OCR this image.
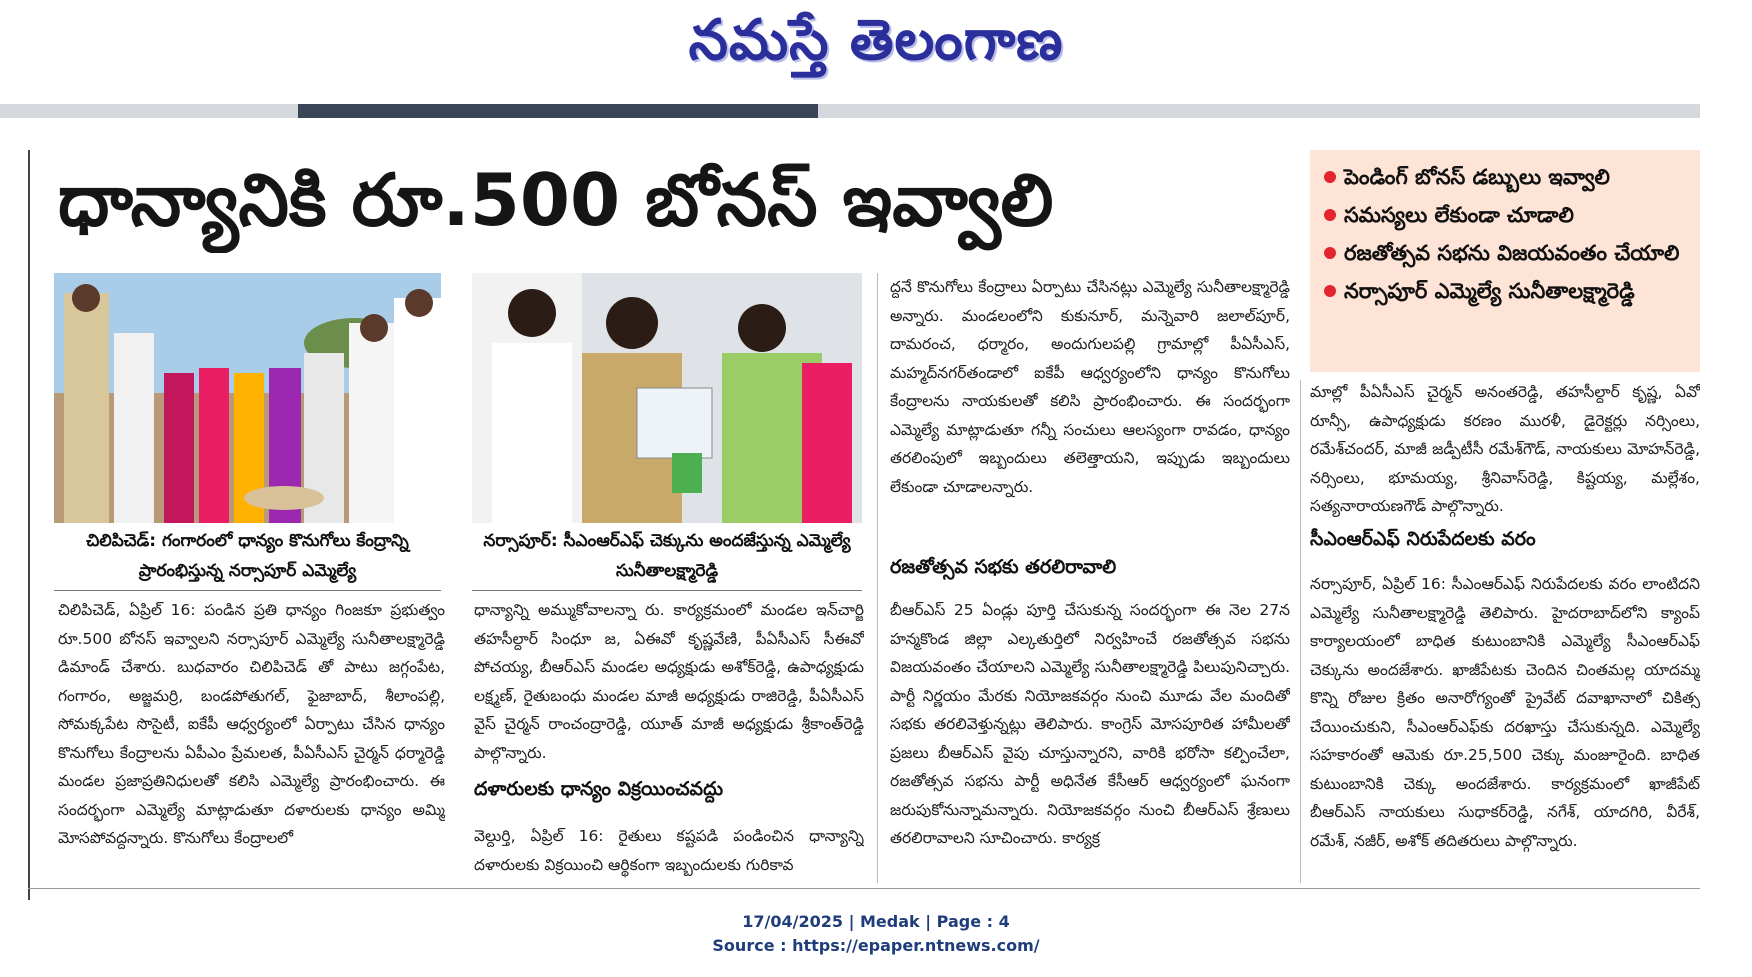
నమస్తే తెలంగాణ
ధాన్యానికి రూ.500 బోనస్ ఇవ్వాలి	పెండింగ్ బోనస్ డబ్బులు ఇవ్వాలి
సమస్యలు లేకుండా చూడాలి
రజతోత్సవ సభను విజయవంతం చేయాలి
నర్సాపూర్ ఎమ్మెల్యే సునీతాలక్ష్మారెడ్డి
చిలిపిచెడ్: గంగారంలో ధాన్యం కొనుగోలు కేంద్రాన్ని ప్రారంభిస్తున్న నర్సాపూర్ ఎమ్మెల్యే
నర్సాపూర్: సీఎంఆర్ఎఫ్ చెక్కును అందజేస్తున్న ఎమ్మెల్యే సునీతాలక్ష్మారెడ్డి
చిలిపిచెడ్, ఏప్రిల్ 16: పండిన ప్రతి ధాన్యం గింజకూ ప్రభుత్వం రూ.500 బోనస్ ఇవ్వాలని నర్సాపూర్ ఎమ్మెల్యే సునీతాలక్ష్మారెడ్డి డిమాండ్ చేశారు. బుధవారం చిలిపిచెడ్ తో పాటు జగ్గంపేట, గంగారం, అజ్జమర్రి, బండపోతుగల్, ఫైజాబాద్, శీలాంపల్లి, సోమక్కపేట సొసైటీ, ఐకేపీ ఆధ్వర్యంలో ఏర్పాటు చేసిన ధాన్యం కొనుగోలు కేంద్రాలను ఏపీఎం ప్రేమలత, పీఏసీఎస్ చైర్మన్ ధర్మారెడ్డి మండల ప్రజాప్రతినిధులతో కలిసి ఎమ్మెల్యే ప్రారంభించారు. ఈ సందర్భంగా ఎమ్మెల్యే మాట్లాడుతూ దళారులకు ధాన్యం అమ్మి మోసపోవద్దన్నారు. కొనుగోలు కేంద్రాలలో
ధాన్యాన్ని అమ్ముకోవాలన్నా రు. కార్యక్రమంలో మండల ఇన్‌చార్జి తహసీల్దార్ సింధూ జ, ఏఈవో కృష్ణవేణి, పీఏసీఎస్ సీఈవో పోచయ్య, బీఆర్ఎస్ మండల అధ్యక్షుడు అశోక్‌రెడ్డి, ఉపాధ్యక్షుడు లక్ష్మణ్, రైతుబంధు మండల మాజీ అధ్యక్షుడు రాజిరెడ్డి, పీఏసీఎస్ వైస్ చైర్మన్ రాంచంద్రారెడ్డి, యూత్ మాజీ అధ్యక్షుడు శ్రీకాంత్‌రెడ్డి పాల్గొన్నారు.
దళారులకు ధాన్యం విక్రయించవద్దు
వెల్దుర్తి, ఏప్రిల్ 16: రైతులు కష్టపడి పండించిన ధాన్యాన్ని దళారులకు విక్రయించి ఆర్థికంగా ఇబ్బందులకు గురికావ
ద్దనే కొనుగోలు కేంద్రాలు ఏర్పాటు చేసినట్లు ఎమ్మెల్యే సునీతాలక్ష్మారెడ్డి అన్నారు. మండలంలోని కుకునూర్, మన్నెవారి జలాల్‌పూర్, దామరంచ, ధర్మారం, అందుగులపల్లి గ్రామాల్లో పీఏసీఎస్, మహ్మద్‌నగర్‌తండాలో ఐకేపీ ఆధ్వర్యంలోని ధాన్యం కొనుగోలు కేంద్రాలను నాయకులతో కలిసి ప్రారంభించారు. ఈ సందర్భంగా ఎమ్మెల్యే మాట్లాడుతూ గన్నీ సంచులు ఆలస్యంగా రావడం, ధాన్యం తరలింపులో ఇబ్బందులు తలెత్తాయని, ఇప్పుడు ఇబ్బందులు లేకుండా చూడాలన్నారు.
రజతోత్సవ సభకు తరలిరావాలి
బీఆర్ఎస్ 25 ఏండ్లు పూర్తి చేసుకున్న సందర్భంగా ఈ నెల 27న హన్మకొండ జిల్లా ఎల్కతుర్తిలో నిర్వహించే రజతోత్సవ సభను విజయవంతం చేయాలని ఎమ్మెల్యే సునీతాలక్ష్మారెడ్డి పిలుపునిచ్చారు. పార్టీ నిర్ణయం మేరకు నియోజకవర్గం నుంచి మూడు వేల మందితో సభకు తరలివెళ్తున్నట్లు తెలిపారు. కాంగ్రెస్ మోసపూరిత హామీలతో ప్రజలు బీఆర్ఎస్ వైపు చూస్తున్నారని, వారికి భరోసా కల్పించేలా, రజతోత్సవ సభను పార్టీ అధినేత కేసీఆర్ ఆధ్వర్యంలో ఘనంగా జరుపుకోనున్నామన్నారు. నియోజకవర్గం నుంచి బీఆర్ఎస్ శ్రేణులు తరలిరావాలని సూచించారు. కార్యక్ర
మాల్లో పీఏసీఎస్ చైర్మన్ అనంతరెడ్డి, తహసీల్దార్ కృష్ణ, ఏవో రూన్సీ, ఉపాధ్యక్షుడు కరణం మురళీ, డైరెక్టర్లు నర్సింలు, రమేశ్‌చందర్, మాజీ జడ్పీటీసీ రమేశ్‌గౌడ్, నాయకులు మోహన్‌రెడ్డి, నర్సింలు, భూమయ్య, శ్రీనివాస్‌రెడ్డి, కిష్టయ్య, మల్లేశం, సత్యనారాయణగౌడ్ పాల్గొన్నారు.
సీఎంఆర్ఎఫ్ నిరుపేదలకు వరం
నర్సాపూర్, ఏప్రిల్ 16: సీఎంఆర్ఎఫ్ నిరుపేదలకు వరం లాంటిదని ఎమ్మెల్యే సునీతాలక్ష్మారెడ్డి తెలిపారు. హైదరాబాద్‌లోని క్యాంప్ కార్యాలయంలో బాధిత కుటుంబానికి ఎమ్మెల్యే సీఎంఆర్ఎఫ్ చెక్కును అందజేశారు. ఖాజీపేటకు చెందిన చింతమల్ల యాదమ్మ కొన్ని రోజుల క్రితం అనారోగ్యంతో ప్రైవేట్ దవాఖానాలో చికిత్స చేయించుకుని, సీఎంఆర్ఎఫ్‌కు దరఖాస్తు చేసుకున్నది. ఎమ్మెల్యే సహకారంతో ఆమెకు రూ.25,500 చెక్కు మంజూరైంది. బాధిత కుటుంబానికి చెక్కు అందజేశారు. కార్యక్రమంలో ఖాజీపేట్ బీఆర్ఎస్ నాయకులు సుధాకర్‌రెడ్డి, నగేశ్, యాదగిరి, వీరేశ్, రమేశ్, నజీర్, అశోక్ తదితరులు పాల్గొన్నారు.
17/04/2025 | Medak | Page : 4
Source : https://epaper.ntnews.com/
